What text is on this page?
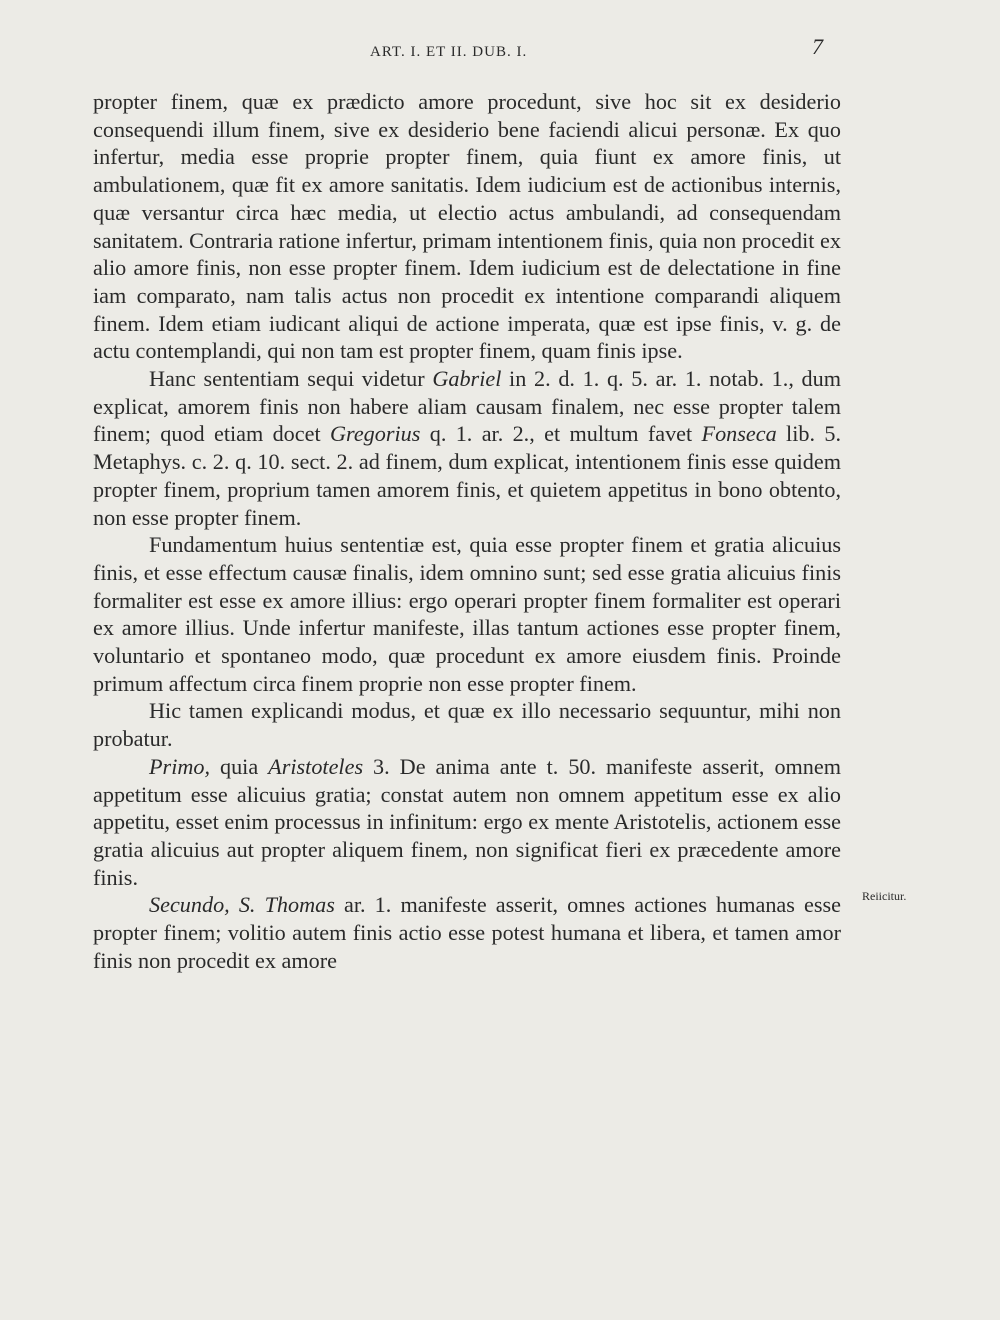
ART. I. ET II. DUB. I.	7

propter finem, quæ ex prædicto amore procedunt, sive hoc sit ex desiderio consequendi illum finem, sive ex desiderio bene faciendi alicui personæ. Ex quo infertur, media esse proprie propter finem, quia fiunt ex amore finis, ut ambulationem, quæ fit ex amore sanitatis. Idem iudicium est de actionibus internis, quæ versantur circa hæc media, ut electio actus ambulandi, ad consequendam sanitatem. Contraria ratione infertur, primam intentionem finis, quia non procedit ex alio amore finis, non esse propter finem. Idem iudicium est de delectatione in fine iam comparato, nam talis actus non procedit ex intentione comparandi aliquem finem. Idem etiam iudicant aliqui de actione imperata, quæ est ipse finis, v. g. de actu contemplandi, qui non tam est propter finem, quam finis ipse.

Hanc sententiam sequi videtur Gabriel in 2. d. 1. q. 5. ar. 1. notab. 1., dum explicat, amorem finis non habere aliam causam finalem, nec esse propter talem finem; quod etiam docet Gregorius q. 1. ar. 2., et multum favet Fonseca lib. 5. Metaphys. c. 2. q. 10. sect. 2. ad finem, dum explicat, intentionem finis esse quidem propter finem, proprium tamen amorem finis, et quietem appetitus in bono obtento, non esse propter finem.

Fundamentum huius sententiæ est, quia esse propter finem et gratia alicuius finis, et esse effectum causæ finalis, idem omnino sunt; sed esse gratia alicuius finis formaliter est esse ex amore illius: ergo operari propter finem formaliter est operari ex amore illius. Unde infertur manifeste, illas tantum actiones esse propter finem, voluntario et spontaneo modo, quæ procedunt ex amore eiusdem finis. Proinde primum affectum circa finem proprie non esse propter finem.

Hic tamen explicandi modus, et quæ ex illo necessario sequuntur, mihi non probatur.

Primo, quia Aristoteles 3. De anima ante t. 50. manifeste asserit, omnem appetitum esse alicuius gratia; constat autem non omnem appetitum esse ex alio appetitu, esset enim processus in infinitum: ergo ex mente Aristotelis, actionem esse gratia alicuius aut propter aliquem finem, non significat fieri ex præcedente amore finis.

Secundo, S. Thomas ar. 1. manifeste asserit, omnes actiones humanas esse propter finem; volitio autem finis actio esse potest humana et libera, et tamen amor finis non procedit ex amore

Reiicitur.
